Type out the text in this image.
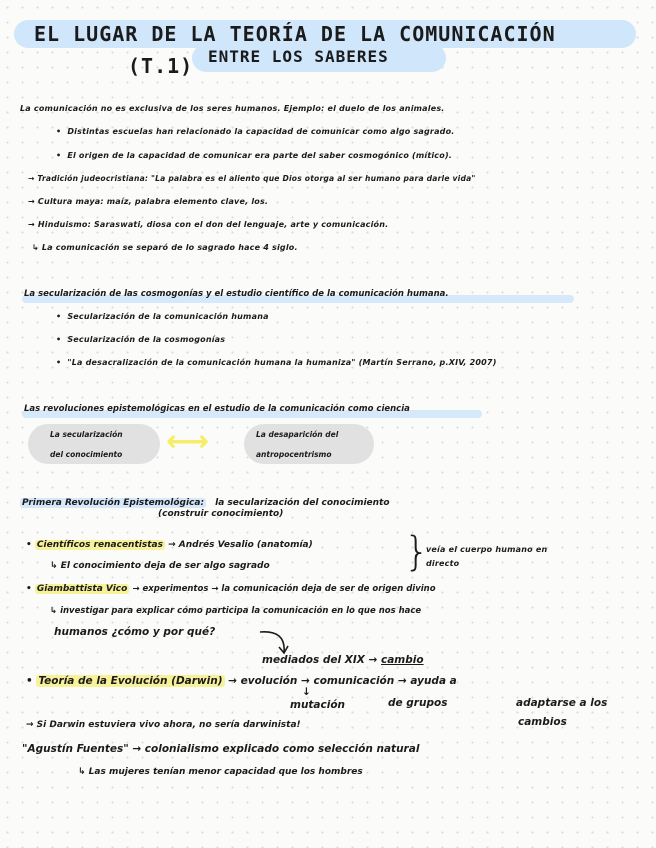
EL LUGAR DE LA TEORÍA DE LA COMUNICACIÓN
(T.1) ENTRE LOS SABERES
La comunicación no es exclusiva de los seres humanos. Ejemplo: el duelo de los animales.
• Distintas escuelas han relacionado la capacidad de comunicar como algo sagrado.
• El origen de la capacidad de comunicar era parte del saber cosmogónico (mítico).
→ Tradición judeocristiana: "La palabra es el aliento que Dios otorga al ser humano para darle vida"
→ Cultura maya: maíz, palabra elemento clave, los.
→ Hinduismo: Saraswati, diosa con el don del lenguaje, arte y comunicación.
↳ La comunicación se separó de lo sagrado hace 4 siglo.
La secularización de las cosmogonías y el estudio científico de la comunicación humana.
• Secularización de la comunicación humana
• Secularización de la cosmogonías
• "La desacralización de la comunicación humana la humaniza" (Martín Serrano, p.XIV, 2007)
Las revoluciones epistemológicas en el estudio de la comunicación como ciencia
La secularización
del conocimiento ⟷	La desaparición del
antropocentrismo
Primera Revolución Epistemológica: la secularización del conocimiento
(construir conocimiento)
• Científicos renacentistas → Andrés Vesalio (anatomía)
↳ El conocimiento deja de ser algo sagrado	}
veía el cuerpo humano en
directo
• Giambattista Vico → experimentos → la comunicación deja de ser de origen divino
↳ investigar para explicar cómo participa la comunicación en lo que nos hace
humanos ¿cómo y por qué?
mediados del XIX → cambio
• Teoría de la Evolución (Darwin) → evolución → comunicación → ayuda a
↓
mutación	de grupos	adaptarse a los
cambios
→ Si Darwin estuviera vivo ahora, no sería darwinista!
"Agustín Fuentes" → colonialismo explicado como selección natural
↳ Las mujeres tenían menor capacidad que los hombres
